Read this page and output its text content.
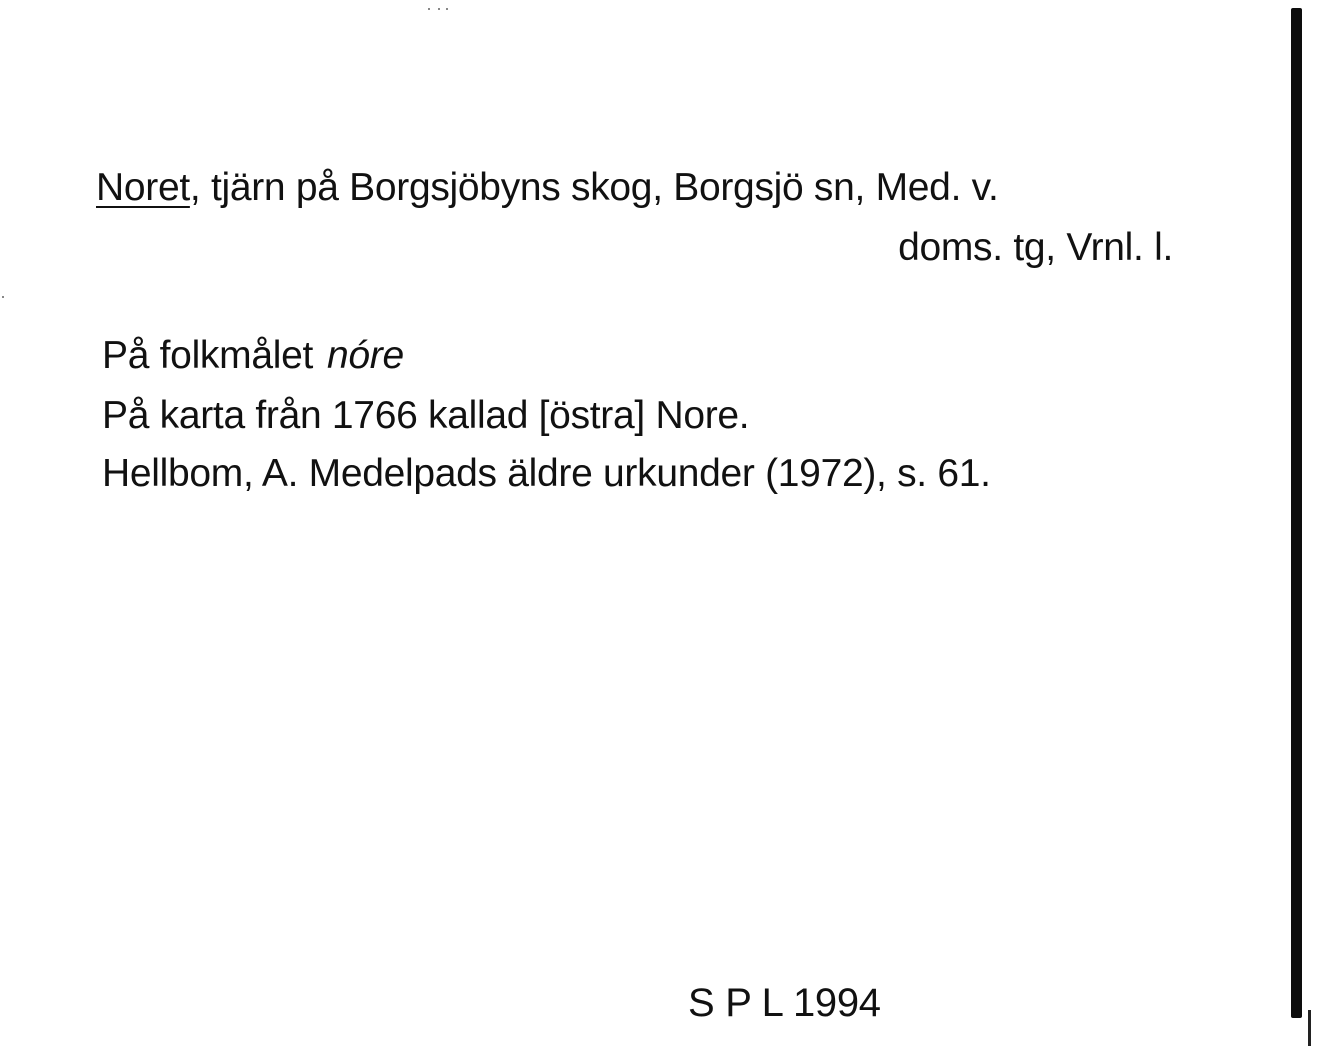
Noret, tjärn på Borgsjöbyns skog, Borgsjö sn, Med. v.
doms. tg, Vrnl. l.
På folkmålet nóre
På karta från 1766 kallad [östra] Nore.
Hellbom, A. Medelpads äldre urkunder (1972), s. 61.
S P L 1994
